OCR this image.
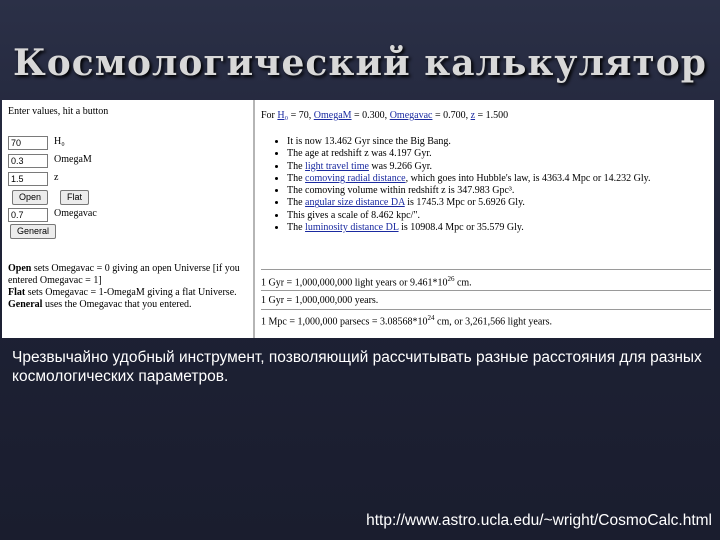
Космологический калькулятор
Enter values, hit a button
70
H₀
0.3
OmegaM
1.5
z
Open	Flat
0.7
Omegavac
General
Open sets Omegavac = 0 giving an open Universe [if you entered Omegavac = 1]
Flat sets Omegavac = 1-OmegaM giving a flat Universe.
General uses the Omegavac that you entered.
For H₀ = 70, OmegaM = 0.300, Omegavac = 0.700, z = 1.500
• It is now 13.462 Gyr since the Big Bang.
• The age at redshift z was 4.197 Gyr.
• The light travel time was 9.266 Gyr.
• The comoving radial distance, which goes into Hubble's law, is 4363.4 Mpc or 14.232 Gly.
• The comoving volume within redshift z is 347.983 Gpc³.
• The angular size distance DA is 1745.3 Mpc or 5.6926 Gly.
• This gives a scale of 8.462 kpc/".
• The luminosity distance DL is 10908.4 Mpc or 35.579 Gly.
1 Gyr = 1,000,000,000 light years or $9.461*10^{26}$ cm.
1 Gyr = 1,000,000,000 years.
1 Mpc = 1,000,000 $parsecs = 3.08568*10^{24}$ cm, or 3,261,566 light years.
Чрезвычайно удобный инструмент, позволяющий рассчитывать разные расстояния для разных космологических параметров.
http://www.astro.ucla.edu/~wright/CosmoCalc.html
